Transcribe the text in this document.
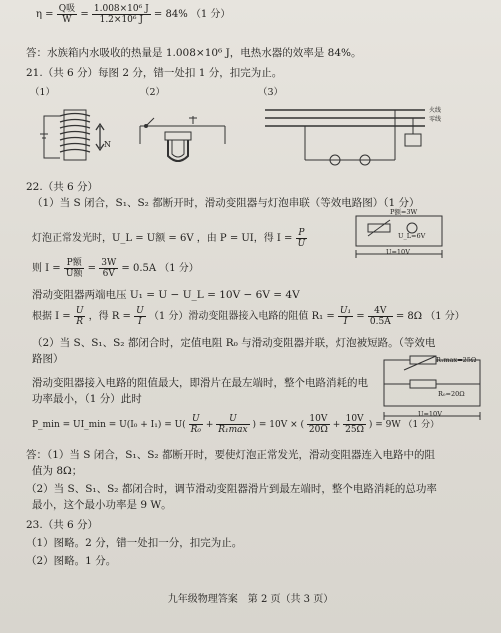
$\eta = \frac{\text{Q吸}}{W} = \frac{\text{1.008×10⁶ J}}{\text{1.2×10⁶ J}} = 84\%$ （1 分）
答：水族箱内水吸收的热量是 1.008×10⁶ J，电热水器的效率是 84%。
21.（共 6 分）每图 2 分，错一处扣 1 分，扣完为止。
（1）	（2）	（3）
N
火线
零线
22.（共 6 分）
（1）当 S 闭合，S₁、S₂ 都断开时，滑动变阻器与灯泡串联（等效电路图）（1 分）
P额=3W
U_L=6V
U=10V
灯泡正常发光时，U_L = U额 = 6V ，由 P = UI，得 $I = \frac{P}{U}$
则 $I = \frac{\text{P额}}{\text{U额}} = \frac{3W}{6V} = 0.5A$ （1 分）
滑动变阻器两端电压 U₁ = U − U_L = 10V − 6V = 4V
根据 $I = \frac{U}{R}$ ，得 $R = \frac{U}{I} (1$ 分）滑动变阻器接入电路的阻值 $R_1 = \frac{\text{U₁}}{I} = \frac{4V}{0.5A} = 8\Omega$ （1 分）
（2）当 S、S₁、S₂ 都闭合时，定值电阻 R₀ 与滑动变阻器并联，灯泡被短路。（等效电
路图）	R₁max=25Ω
R₀=20Ω
U=10V
滑动变阻器接入电路的阻值最大，即滑片在最左端时，整个电路消耗的电
功率最小，（1 分）此时
P_min = UI_min = $U(I_0 + I_1) = U( \frac{U}{\text{R₀}} + \frac{U}{\text{R₁max}}$ ) = 10V × ( $\frac{10V}{20\Omega} + \frac{10V}{25\Omega}$ ) = 9W （1 分）
答：（1）当 S 闭合，S₁、S₂ 都断开时，要使灯泡正常发光，滑动变阻器连入电路中的阻
值为 8Ω；
（2）当 S、S₁、S₂ 都闭合时，调节滑动变阻器滑片到最左端时，整个电路消耗的总功率
最小，这个最小功率是 9 W。
23.（共 6 分）
（1）图略。2 分，错一处扣一分，扣完为止。
（2）图略。1 分。
九年级物理答案　第 2 页（共 3 页）
